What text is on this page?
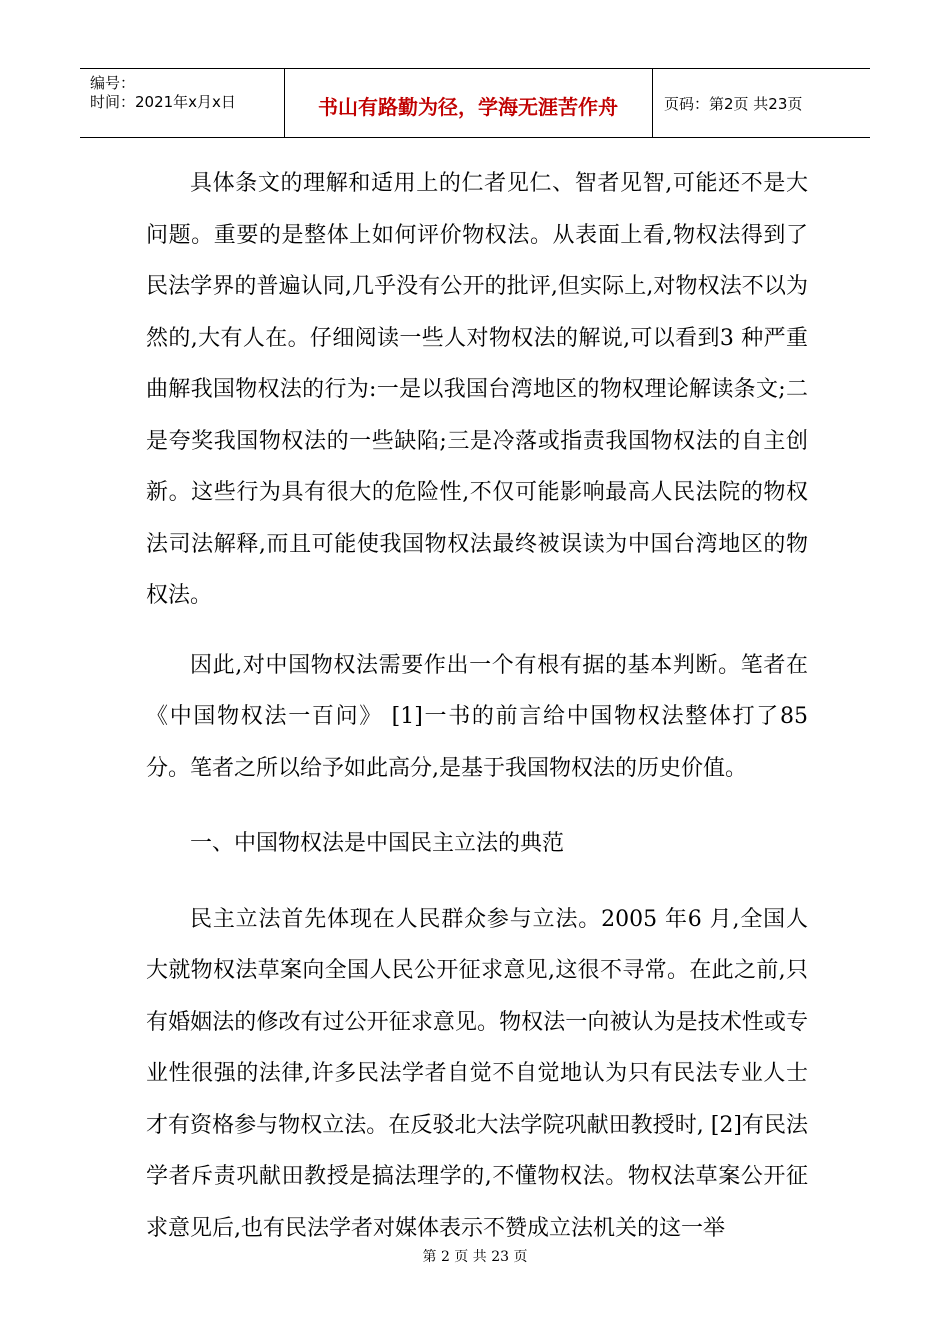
编号：
时间：2021年x月x日	书山有路勤为径，学海无涯苦作舟	页码：第2页 共23页

具体条文的理解和适用上的仁者见仁、智者见智,可能还不是大问题。重要的是整体上如何评价物权法。从表面上看,物权法得到了民法学界的普遍认同,几乎没有公开的批评,但实际上,对物权法不以为然的,大有人在。仔细阅读一些人对物权法的解说,可以看到3 种严重曲解我国物权法的行为:一是以我国台湾地区的物权理论解读条文;二是夸奖我国物权法的一些缺陷;三是冷落或指责我国物权法的自主创新。这些行为具有很大的危险性,不仅可能影响最高人民法院的物权法司法解释,而且可能使我国物权法最终被误读为中国台湾地区的物权法。

因此,对中国物权法需要作出一个有根有据的基本判断。笔者在《中国物权法一百问》 [1]一书的前言给中国物权法整体打了85 分。笔者之所以给予如此高分,是基于我国物权法的历史价值。

一、中国物权法是中国民主立法的典范

民主立法首先体现在人民群众参与立法。2005 年6 月,全国人大就物权法草案向全国人民公开征求意见,这很不寻常。在此之前,只有婚姻法的修改有过公开征求意见。物权法一向被认为是技术性或专业性很强的法律,许多民法学者自觉不自觉地认为只有民法专业人士才有资格参与物权立法。在反驳北大法学院巩献田教授时, [2]有民法学者斥责巩献田教授是搞法理学的,不懂物权法。物权法草案公开征求意见后,也有民法学者对媒体表示不赞成立法机关的这一举

第 2 页 共 23 页
